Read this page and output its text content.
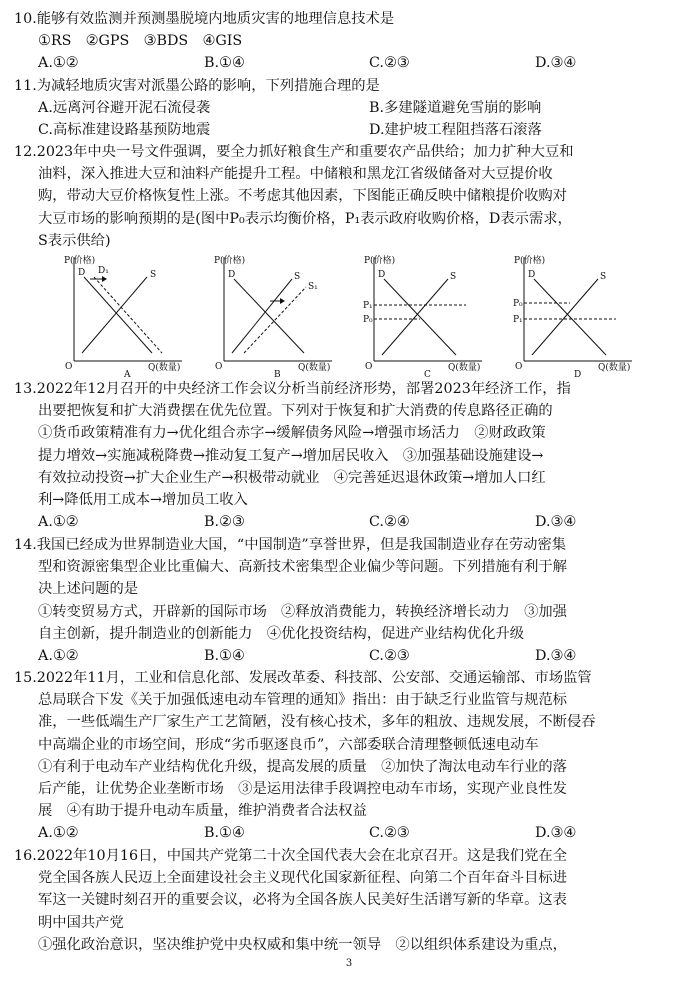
10.能够有效监测并预测墨脱境内地质灾害的地理信息技术是
①RS　②GPS　③BDS　④GIS
A.①②	B.①④	C.②③	D.③④
11.为减轻地质灾害对派墨公路的影响，下列措施合理的是
A.远离河谷避开泥石流侵袭	B.多建隧道避免雪崩的影响
C.高标准建设路基预防地震	D.建护坡工程阻挡落石滚落
12.2023年中央一号文件强调，要全力抓好粮食生产和重要农产品供给；加力扩种大豆和
油料，深入推进大豆和油料产能提升工程。中储粮和黑龙江省级储备对大豆提价收
购，带动大豆价格恢复性上涨。不考虑其他因素，下图能正确反映中储粮提价收购对
大豆市场的影响预期的是(图中P₀表示均衡价格，P₁表示政府收购价格，D表示需求，
S表示供给)
P(价格)
Q(数量)
O
D D₁	S
A
P(价格)
Q(数量)
O
D	S
S₁
B
P(价格)
Q(数量)
O
D	S
P₁
P₀
C
P(价格)
Q(数量)
O
D	S
P₀
P₁
D
13.2022年12月召开的中央经济工作会议分析当前经济形势，部署2023年经济工作，指
出要把恢复和扩大消费摆在优先位置。下列对于恢复和扩大消费的传息路径正确的
①货币政策精准有力→优化组合赤字→缓解债务风险→增强市场活力　②财政政策
提力增效→实施减税降费→推动复工复产→增加居民收入　③加强基础设施建设→
有效拉动投资→扩大企业生产→积极带动就业　④完善延迟退休政策→增加人口红
利→降低用工成本→增加员工收入
A.①②	B.②③	C.②④	D.③④
14.我国已经成为世界制造业大国，“中国制造”享誉世界，但是我国制造业存在劳动密集
型和资源密集型企业比重偏大、高新技术密集型企业偏少等问题。下列措施有利于解
决上述问题的是
①转变贸易方式，开辟新的国际市场　②释放消费能力，转换经济增长动力　③加强
自主创新，提升制造业的创新能力　④优化投资结构，促进产业结构优化升级
A.①②	B.①④	C.②③	D.③④
15.2022年11月，工业和信息化部、发展改革委、科技部、公安部、交通运输部、市场监管
总局联合下发《关于加强低速电动车管理的通知》指出：由于缺乏行业监管与规范标
准，一些低端生产厂家生产工艺简陋，没有核心技术，多年的粗放、违规发展，不断侵吞
中高端企业的市场空间，形成“劣币驱逐良币”，六部委联合清理整顿低速电动车
①有利于电动车产业结构优化升级，提高发展的质量　②加快了淘汰电动车行业的落
后产能，让优势企业垄断市场　③是运用法律手段调控电动车市场，实现产业良性发
展　④有助于提升电动车质量，维护消费者合法权益
A.①②	B.①④	C.②③	D.③④
16.2022年10月16日，中国共产党第二十次全国代表大会在北京召开。这是我们党在全
党全国各族人民迈上全面建设社会主义现代化国家新征程、向第二个百年奋斗目标进
军这一关键时刻召开的重要会议，必将为全国各族人民美好生活谱写新的华章。这表
明中国共产党
①强化政治意识，坚决维护党中央权威和集中统一领导　②以组织体系建设为重点，
3
